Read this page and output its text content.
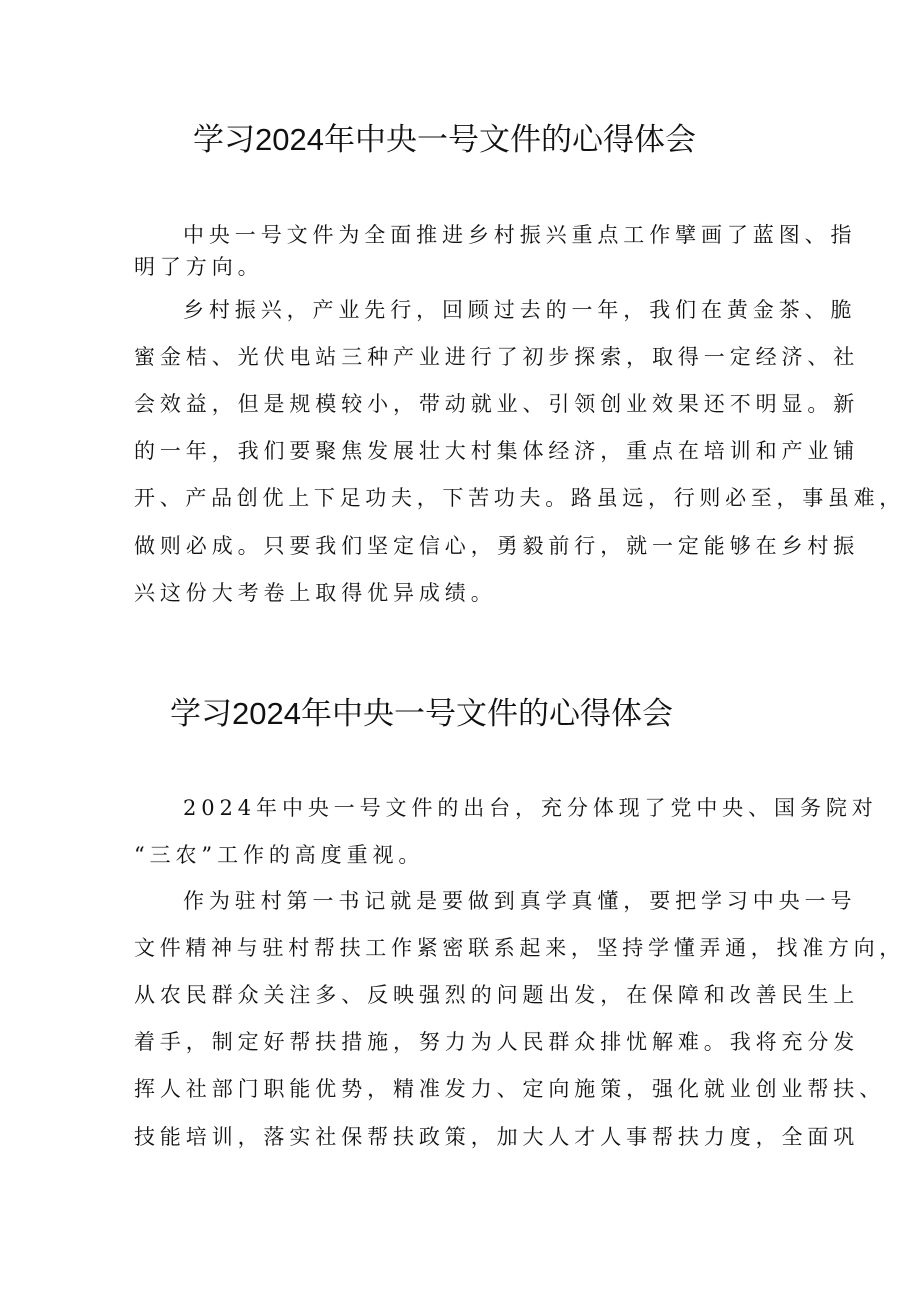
学习2024年中央一号文件的心得体会

中央一号文件为全面推进乡村振兴重点工作擘画了蓝图、指

明了方向。

乡村振兴，产业先行，回顾过去的一年，我们在黄金茶、脆

蜜金桔、光伏电站三种产业进行了初步探索，取得一定经济、社

会效益，但是规模较小，带动就业、引领创业效果还不明显。新

的一年，我们要聚焦发展壮大村集体经济，重点在培训和产业铺

开、产品创优上下足功夫，下苦功夫。路虽远，行则必至，事虽难，

做则必成。只要我们坚定信心，勇毅前行，就一定能够在乡村振

兴这份大考卷上取得优异成绩。

学习2024年中央一号文件的心得体会

2024年中央一号文件的出台，充分体现了党中央、国务院对

“三农”工作的高度重视。

作为驻村第一书记就是要做到真学真懂，要把学习中央一号

文件精神与驻村帮扶工作紧密联系起来，坚持学懂弄通，找准方向，

从农民群众关注多、反映强烈的问题出发，在保障和改善民生上

着手，制定好帮扶措施，努力为人民群众排忧解难。我将充分发

挥人社部门职能优势，精准发力、定向施策，强化就业创业帮扶、

技能培训，落实社保帮扶政策，加大人才人事帮扶力度，全面巩
